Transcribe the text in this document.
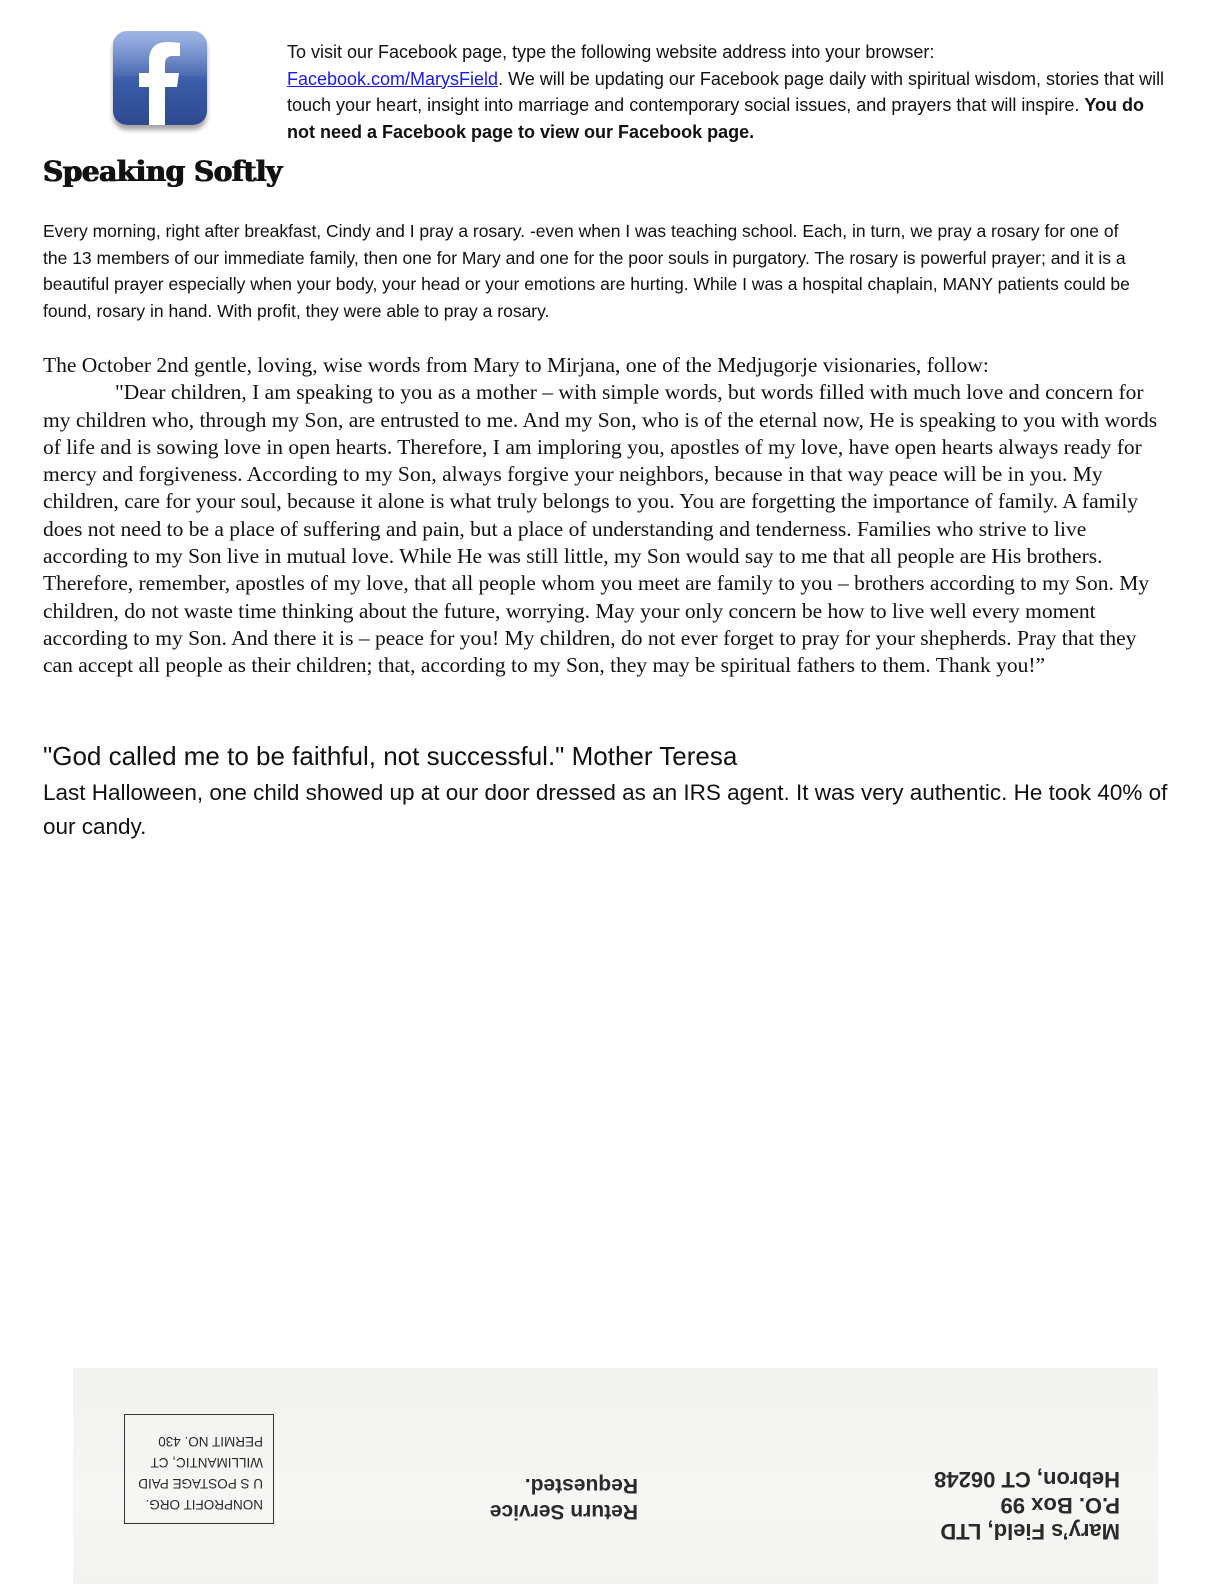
To visit our Facebook page, type the following website address into your browser:
Facebook.com/MarysField. We will be updating our Facebook page daily with spiritual wisdom, stories that will touch your heart, insight into marriage and contemporary social issues, and prayers that will inspire. You do not need a Facebook page to view our Facebook page.
Speaking Softly
Every morning, right after breakfast, Cindy and I pray a rosary. -even when I was teaching school. Each, in turn, we pray a rosary for one of the 13 members of our immediate family, then one for Mary and one for the poor souls in purgatory. The rosary is powerful prayer; and it is a beautiful prayer especially when your body, your head or your emotions are hurting. While I was a hospital chaplain, MANY patients could be found, rosary in hand. With profit, they were able to pray a rosary.
The October 2nd gentle, loving, wise words from Mary to Mirjana, one of the Medjugorje visionaries, follow:
"Dear children, I am speaking to you as a mother – with simple words, but words filled with much love and concern for my children who, through my Son, are entrusted to me. And my Son, who is of the eternal now, He is speaking to you with words of life and is sowing love in open hearts. Therefore, I am imploring you, apostles of my love, have open hearts always ready for mercy and forgiveness. According to my Son, always forgive your neighbors, because in that way peace will be in you. My children, care for your soul, because it alone is what truly belongs to you. You are forgetting the importance of family. A family does not need to be a place of suffering and pain, but a place of understanding and tenderness. Families who strive to live according to my Son live in mutual love. While He was still little, my Son would say to me that all people are His brothers. Therefore, remember, apostles of my love, that all people whom you meet are family to you – brothers according to my Son. My children, do not waste time thinking about the future, worrying. May your only concern be how to live well every moment according to my Son. And there it is – peace for you! My children, do not ever forget to pray for your shepherds. Pray that they can accept all people as their children; that, according to my Son, they may be spiritual fathers to them. Thank you!”
"God called me to be faithful, not successful." Mother Teresa
Last Halloween, one child showed up at our door dressed as an IRS agent. It was very authentic. He took 40% of our candy.
Mary’s Field, LTD
P.O. Box 99
Hebron, CT 06248
Return Service
Requested.
NONPROFIT ORG.
U S POSTAGE PAID
WILLIMANTIC, CT
PERMIT NO. 430
